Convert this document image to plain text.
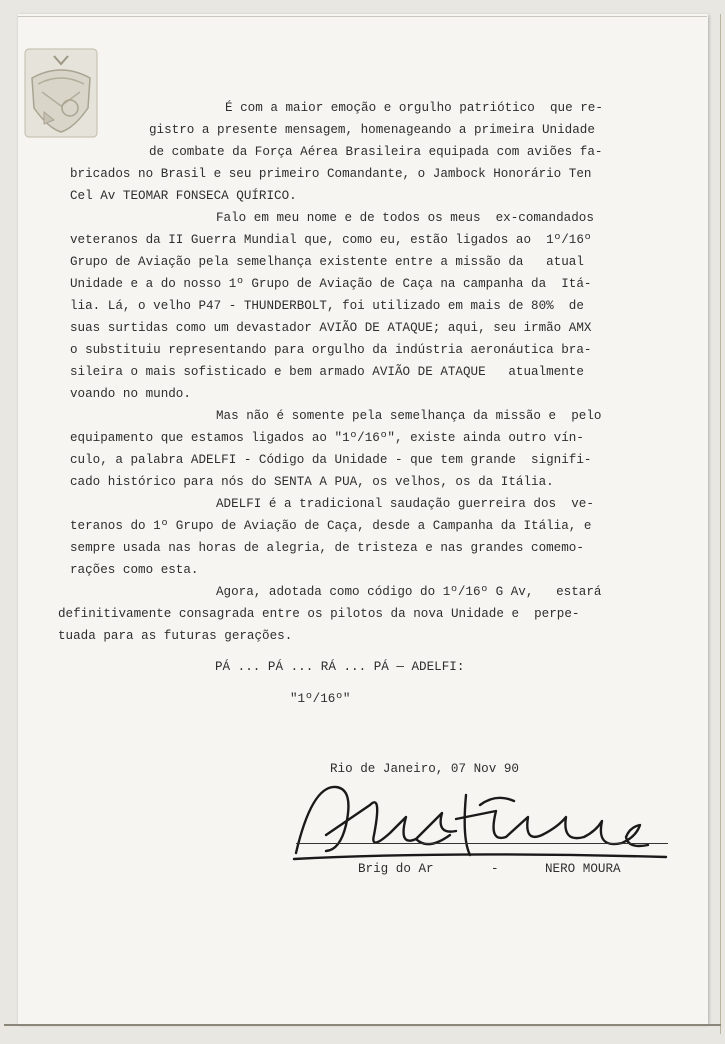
É com a maior emoção e orgulho patriótico  que re-
gistro a presente mensagem, homenageando a primeira Unidade
de combate da Força Aérea Brasileira equipada com aviões fa-
bricados no Brasil e seu primeiro Comandante, o Jambock Honorário Ten
Cel Av TEOMAR FONSECA QUÍRICO.
Falo em meu nome e de todos os meus  ex-comandados
veteranos da II Guerra Mundial que, como eu, estão ligados ao  1º/16º
Grupo de Aviação pela semelhança existente entre a missão da   atual
Unidade e a do nosso 1º Grupo de Aviação de Caça na campanha da  Itá-
lia. Lá, o velho P47 - THUNDERBOLT, foi utilizado em mais de 80%  de
suas surtidas como um devastador AVIÃO DE ATAQUE; aqui, seu irmão AMX
o substituiu representando para orgulho da indústria aeronáutica bra-
sileira o mais sofisticado e bem armado AVIÃO DE ATAQUE   atualmente
voando no mundo.
Mas não é somente pela semelhança da missão e  pelo
equipamento que estamos ligados ao "1º/16º", existe ainda outro vín-
culo, a palabra ADELFI - Código da Unidade - que tem grande  signifi-
cado histórico para nós do SENTA A PUA, os velhos, os da Itália.
ADELFI é a tradicional saudação guerreira dos  ve-
teranos do 1º Grupo de Aviação de Caça, desde a Campanha da Itália, e
sempre usada nas horas de alegria, de tristeza e nas grandes comemo-
rações como esta.
Agora, adotada como código do 1º/16º G Av,   estará
definitivamente consagrada entre os pilotos da nova Unidade e  perpe-
tuada para as futuras gerações.
PÁ ... PÁ ... RÁ ... PÁ — ADELFI:
"1º/16º"
Rio de Janeiro, 07 Nov 90
Brig do Ar	-	NERO MOURA
